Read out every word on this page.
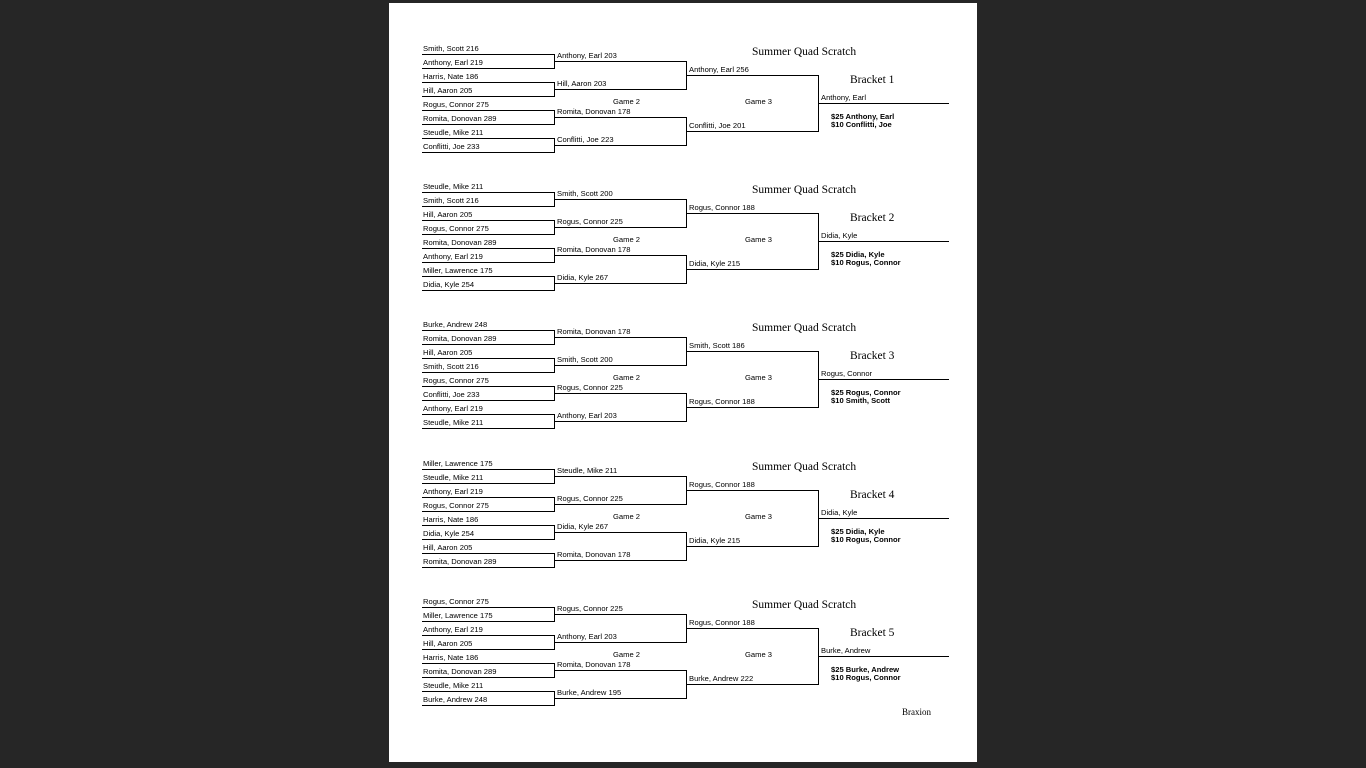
Smith, Scott 216
Anthony, Earl 219
Harris, Nate 186
Hill, Aaron 205
Rogus, Connor 275
Romita, Donovan 289
Steudle, Mike 211
Conflitti, Joe 233
Anthony, Earl 203
Hill, Aaron 203
Romita, Donovan 178
Conflitti, Joe 223
Anthony, Earl 256
Conflitti, Joe 201
Anthony, Earl
Game 2	Game 3
Summer Quad Scratch
Bracket 1
$25 Anthony, Earl
$10 Conflitti, Joe
Steudle, Mike 211
Smith, Scott 216
Hill, Aaron 205
Rogus, Connor 275
Romita, Donovan 289
Anthony, Earl 219
Miller, Lawrence 175
Didia, Kyle 254
Smith, Scott 200
Rogus, Connor 225
Romita, Donovan 178
Didia, Kyle 267
Rogus, Connor 188
Didia, Kyle 215
Didia, Kyle
Game 2	Game 3
Summer Quad Scratch
Bracket 2
$25 Didia, Kyle
$10 Rogus, Connor
Burke, Andrew 248
Romita, Donovan 289
Hill, Aaron 205
Smith, Scott 216
Rogus, Connor 275
Conflitti, Joe 233
Anthony, Earl 219
Steudle, Mike 211
Romita, Donovan 178
Smith, Scott 200
Rogus, Connor 225
Anthony, Earl 203
Smith, Scott 186
Rogus, Connor 188
Rogus, Connor
Game 2	Game 3
Summer Quad Scratch
Bracket 3
$25 Rogus, Connor
$10 Smith, Scott
Miller, Lawrence 175
Steudle, Mike 211
Anthony, Earl 219
Rogus, Connor 275
Harris, Nate 186
Didia, Kyle 254
Hill, Aaron 205
Romita, Donovan 289
Steudle, Mike 211
Rogus, Connor 225
Didia, Kyle 267
Romita, Donovan 178
Rogus, Connor 188
Didia, Kyle 215
Didia, Kyle
Game 2	Game 3
Summer Quad Scratch
Bracket 4
$25 Didia, Kyle
$10 Rogus, Connor
Rogus, Connor 275
Miller, Lawrence 175
Anthony, Earl 219
Hill, Aaron 205
Harris, Nate 186
Romita, Donovan 289
Steudle, Mike 211
Burke, Andrew 248
Rogus, Connor 225
Anthony, Earl 203
Romita, Donovan 178
Burke, Andrew 195
Rogus, Connor 188
Burke, Andrew 222
Burke, Andrew
Game 2	Game 3
Summer Quad Scratch
Bracket 5
$25 Burke, Andrew
$10 Rogus, Connor
Braxion
